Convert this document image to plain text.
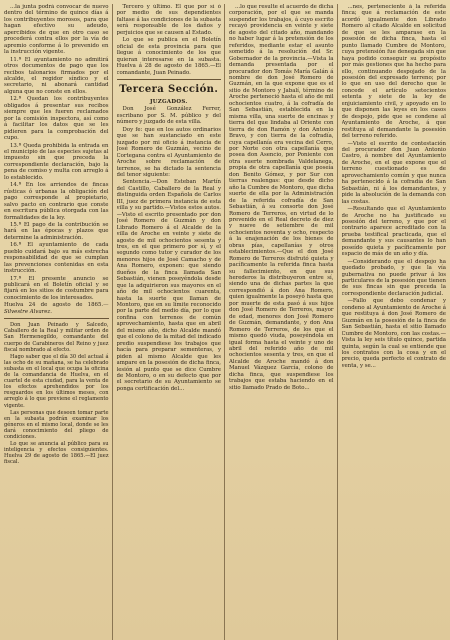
...la junta podrá convocar de nuevo dentro del término de quince días á los contribuyentes morosos, para que hagan efectivo su adeudo, apercibidos de que en otro caso se procederá contra ellos por la vía de apremio conforme á lo prevenido en la instrucción vigente.

11.ª El ayuntamiento no admitirá otros documentos de pago que los recibos talonarios firmados por el alcalde, el regidor síndico y el secretario, ni abonará cantidad alguna que no conste en ellos.

12.ª Quedan los contribuyentes obligados á presentar sus recibos siempre que les fueren reclamados por la comisión inspectora, así como á facilitar los datos que se les pidieren para la comprobación del cupo.

13.ª Queda prohibida la entrada en el municipio de las especies sujetas al impuesto sin que preceda la correspondiente declaración, bajo la pena de comiso y multa con arreglo á lo establecido.

14.ª En los arriendos de fincas rústicas ó urbanas la obligación del pago corresponde al propietario, salvo pacto en contrario que conste en escritura pública otorgada con las formalidades de la ley.

15.ª El pago de la contribución se hará en las épocas y plazos que determine la administración.

16.ª El ayuntamiento de cada pueblo cuidará bajo su más estrecha responsabilidad de que se cumplan las prevenciones contenidas en esta instrucción.

17.ª El presente anuncio se publicará en el Boletín oficial y se fijará en los sitios de costumbre para conocimiento de los interesados.

Huelva 24 de agosto de 1865.—Silvestre Alvarez.

Don Juan Peinado y Salcedo, Caballero de la Real y militar orden de San Hermenegildo, comandante del cuerpo de Carabineros del Reino y juez fiscal nombrado al efecto.

Hago saber que el día 30 del actual á las ocho de su mañana, se ha celebrado subasta en el local que ocupa la oficina de la comandancia de Huelva, en el cuartel de esta ciudad, para la venta de los efectos aprehendidos por los resguardos en los últimos meses, con arreglo á lo que previene el reglamento vigente.

Las personas que deseen tomar parte en la subasta podrán examinar los géneros en el mismo local, donde se les dará conocimiento del pliego de condiciones.

Lo que se anuncia al público para su inteligencia y efectos consiguientes. Huelva 29 de agosto de 1865.—El juez fiscal.

Tercero y último. El que por sí ó por medio de sus dependientes faltase á las condiciones de la subasta será responsable de los daños y perjuicios que se causen al Estado.

Lo que se publica en el Boletín oficial de esta provincia para que llegue á conocimiento de los que quieran interesarse en la subasta. Huelva á 28 de agosto de 1865.—El comandante, Juan Peinado.

Tercera Sección.

JUZGADOS.

Don José González Ferrer, escribano por S. M. público y del número y juzgado de esta villa.

Doy fe: que en los autos ordinarios que se han sustanciado en este juzgado por mi oficio á instancia de José Romero de Guzmán, vecino de Cortegana contra el Ayuntamiento de Aroche sobre reclamación de terrenos, se ha dictado la sentencia del tenor siguiente:

Sentencia.—Don Esteban Martín del Castillo, Caballero de la Real y distinguida orden Española de Carlos III, juez de primera instancia de esta villa y su partido.—Vistos estos autos.—Visto el escrito presentado por don José Romero de Guzmán y don Librado Romero á el Alcalde de la villa de Aroche en veinte y siete de agosto de mil ochocientos sesenta y tres, en el que primero por sí, y el segundo como tutor y curador de los menores hijos de José Camacho y de Ana Romero, exponen: que siendo dueños de la finca llamada San Sebastián, vienen poseyéndola desde que la adquirieron sus mayores en el año de mil ochocientos cuarenta, hasta la suerte que llaman de Montoro, que en su límite reconocido por la parte del medio día, por lo que confina con terrenos de común aprovechamiento, hasta que en abril del mismo año, dicho Alcalde mandó que el colono de la mitad del indicado predio suspendiese los trabajos que hacía para preparar sementeras, y piden al mismo Alcalde que les ampare en la posesión de dicha finca, lesión al punto que se dice Cumbre de Montoro, o en su defecto que por el secretario de su Ayuntamiento se ponga certificación del...

...lo que resulte el acuerdo de dicha corporación, por el que se manda suspender los trabajos, á cuyo escrito recayó providencia en veinte y siete de agosto del citado año, mandando no haber lugar á la pretensión de los referidos, mediante estar el asunto sometido á la resolución del Sr. Gobernador de la provincia.—Vista la demanda presentada por el procurador don Tomás María Galán á nombre de don José Romero de Guzmán, en la que expone que es el sitio de Montoro y Jabalí, término de Aroche perteneció hasta el año de mil ochocientos cuatro, á la cofradía de San Sebastián, establecida en la misma villa, una suerte de encinas y tierra del que lindaba al Oriente con tierra de don Ramón y don Antonio Bravo, y con tierra de la cofradía, cuya capellanía era vecina del Cerro, por Norte con otra capellanía que posea don Asencio, por Poniente con otra suerte nombrada Valdelanega, propia de otra capellanía que poseía don Benito Gómez, y por Sur con tierras realengas: que desde dicho año la Cumbre de Montoro, que dicha suerte de ella por la Administración de la referida cofradía de San Sebastián, á su consorte don José Romero de Terreros, en virtud de lo prevenido en el Real decreto de diez y nueve de setiembre de mil ochocientos noventa y ocho, respecto á la enajenación de los bienes de obras pías, capellanías y otros establecimientos.—Que el don José Romero de Terreros disfrutó quieta y pacíficamente la referida finca hasta su fallecimiento, en que sus herederos la distribuyeron entre sí, siendo una de dichas partes la que correspondió á don Ana Romero, quien igualmente la poseyó hasta que por muerte de esta pasó á sus hijos don José Romero de Terreros, mayor de edad, menores don José Romero de Guzmán, demandante, y don Ana Romero de Terreros, de los que el mismo quedó viuda, poseyéndola en igual forma hasta el veinte y uno de abril del referido año de mil ochocientos sesenta y tres, en que el Alcalde de Aroche mandó á don Manuel Vázquez García, colono de dicha finca, que suspendiese los trabajos que estaba haciendo en el sitio llamado Prado de Boto...

...nes, perteneciente á la referida finca; que á reclamación de este acordó igualmente don Librado Romero al citado Alcalde en solicitud de que se les amparase en la posesión de dicha finca, hasta el punto llamado Cumbre de Montoro, cuya pretensión fue denegada sin que haya podido conseguir su propósito por más gestiones que ha hecho para ello, continuando despojado de la posesión del expresado terreno; por lo que en uso del derecho que le concede el artículo setecientos setenta y siete de la ley de enjuiciamiento civil, y apoyado en lo que disponen las leyes en los casos de despojo, pide que se condene al Ayuntamiento de Aroche, á que restituya al demandante la posesión del terreno referido.

—Visto el escrito de contestación del procurador don Juan Antonio Castro, á nombre del Ayuntamiento de Aroche, en el que expone que el terreno cuestionado es de aprovechamiento común y que nunca ha pertenecido á la cofradía de San Sebastián, ni á los demandantes, y pide la absolución de la demanda con las costas.

—Resultando que el Ayuntamiento de Aroche no ha justificado su posesión del terreno, y que por el contrario aparece acreditado con la prueba testifical practicada, que el demandante y sus causantes lo han poseído quieta y pacíficamente por espacio de más de un año y día.

—Considerando que el despojo ha quedado probado, y que la vía gubernativa no puede privar á los particulares de la posesión que tienen de sus fincas sin que preceda la correspondiente declaración judicial.

—Fallo que debo condenar y condeno al Ayuntamiento de Aroche á que restituya á don José Romero de Guzmán en la posesión de la finca de San Sebastián, hasta el sitio llamado Cumbre de Montoro, con las costas.—Vista la ley seis título quince, partida quinta, según la cual se entiende que los contratos con la cosa y en el precio, queda perfecto el contrato de venta, y se...
